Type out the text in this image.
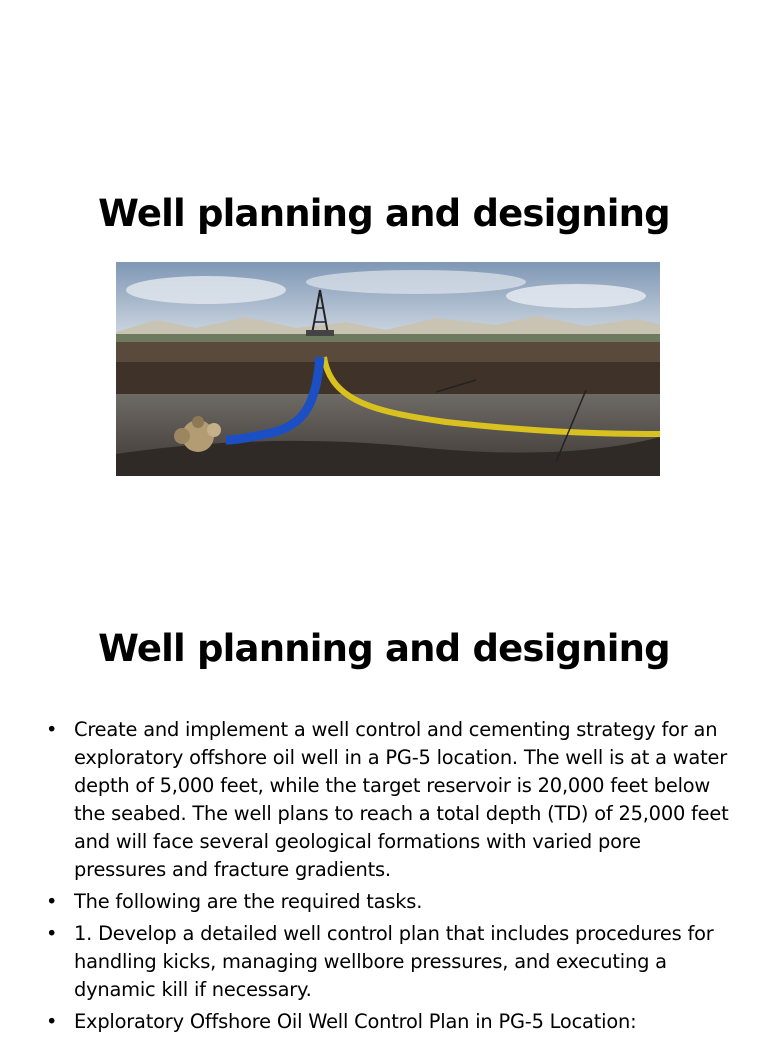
Well planning and designing
Well planning and designing
• Create and implement a well control and cementing strategy for an exploratory offshore oil well in a PG-5 location. The well is at a water depth of 5,000 feet, while the target reservoir is 20,000 feet below the seabed. The well plans to reach a total depth (TD) of 25,000 feet and will face several geological formations with varied pore pressures and fracture gradients.
• The following are the required tasks.
• 1. Develop a detailed well control plan that includes procedures for handling kicks, managing wellbore pressures, and executing a dynamic kill if necessary.
• Exploratory Offshore Oil Well Control Plan in PG-5 Location:
